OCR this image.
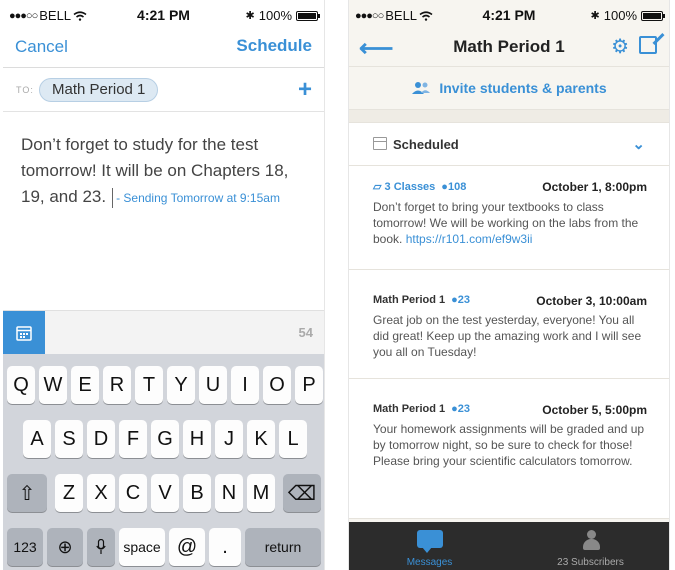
●●●○○ BELL	4:21 PM	✱ 100%
Cancel	Schedule
TO:	Math Period 1	+
Don’t forget to study for the test tomorrow! It will be on Chapters 18, 19, and 23. - Sending Tomorrow at 9:15am
54
Q W E R T Y U	I	O P
A S D F G H J	K L
⇧	Z X C V B N M ⌫
123	⊕	space @	.	return
●●●○○ BELL	4:21 PM	✱ 100%
⟵	Math Period 1	⚙
Invite students & parents
Scheduled	⌄
▱ 3 Classes ●108	October 1, 8:00pm
Don’t forget to bring your textbooks to class tomorrow! We will be working on the labs from the book. https://r101.com/ef9w3ii
Math Period 1 ●23	October 3, 10:00am
Great job on the test yesterday, everyone! You all did great! Keep up the amazing work and I will see you all on Tuesday!
Math Period 1 ●23	October 5, 5:00pm
Your homework assignments will be graded and up by tomorrow night, so be sure to check for those! Please bring your scientific calculators tomorrow.
Messages	23 Subscribers
